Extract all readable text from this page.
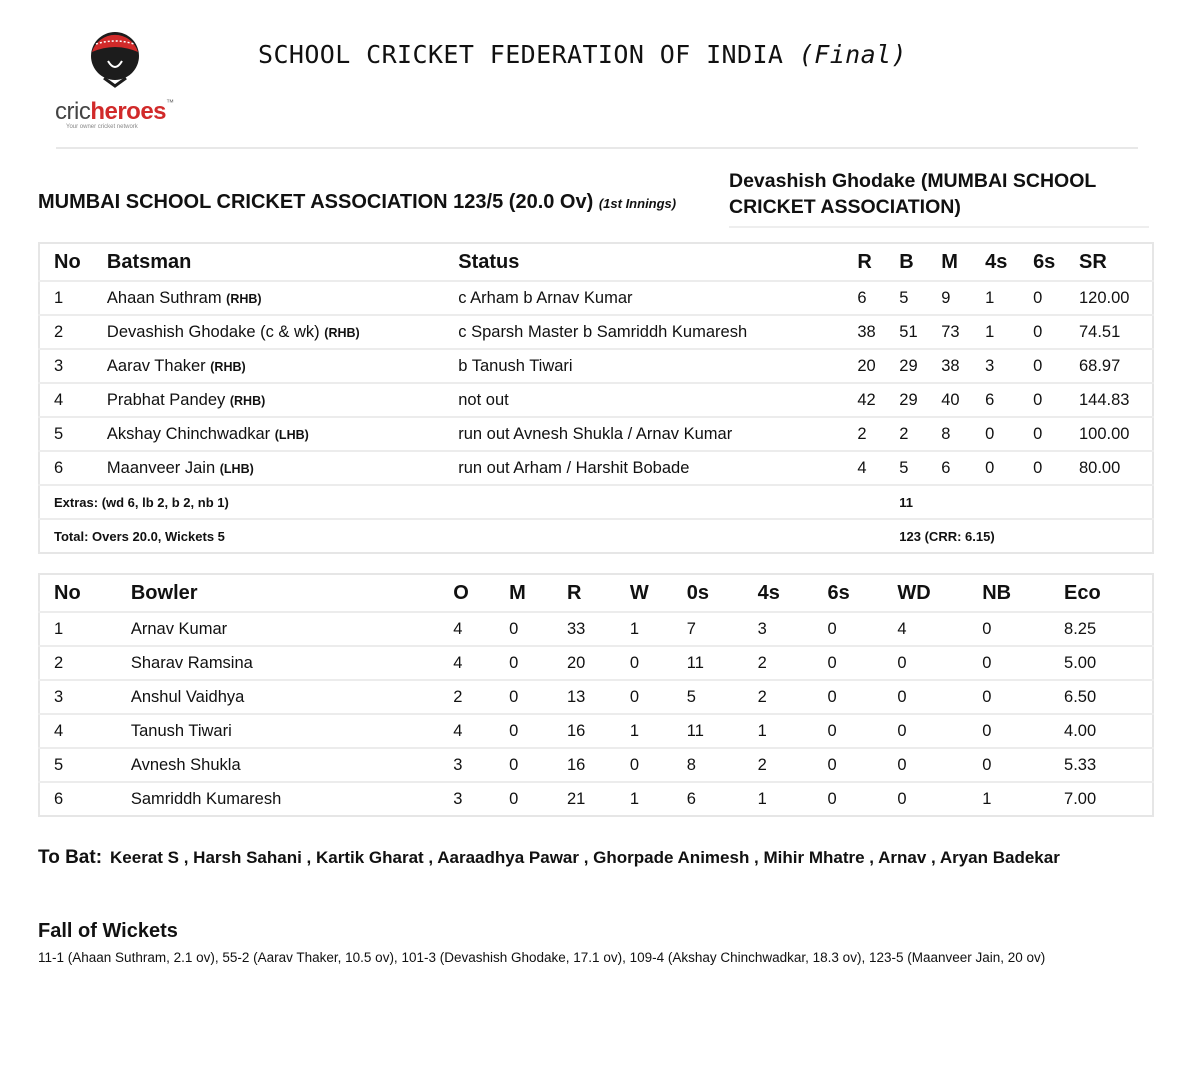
cricheroes™
Your owner cricket network
SCHOOL CRICKET FEDERATION OF INDIA (Final)
MUMBAI SCHOOL CRICKET ASSOCIATION 123/5 (20.0 Ov) (1st Innings)
Devashish Ghodake (MUMBAI SCHOOL CRICKET ASSOCIATION)
No	Batsman	Status	R	B	M	4s	6s	SR
1	Ahaan Suthram (RHB)	c Arham b Arnav Kumar	6	5	9	1	0	120.00
2	Devashish Ghodake (c & wk) (RHB)	c Sparsh Master b Samriddh Kumaresh	38	51	73	1	0	74.51
3	Aarav Thaker (RHB)	b Tanush Tiwari	20	29	38	3	0	68.97
4	Prabhat Pandey (RHB)	not out	42	29	40	6	0	144.83
5	Akshay Chinchwadkar (LHB)	run out Avnesh Shukla / Arnav Kumar	2	2	8	0	0	100.00
6	Maanveer Jain (LHB)	run out Arham / Harshit Bobade	4	5	6	0	0	80.00
Extras: (wd 6, lb 2, b 2, nb 1)				11				
Total: Overs 20.0, Wickets 5				123 (CRR: 6.15)				
No	Bowler	O	M	R	W	0s	4s	6s	WD	NB	Eco
1	Arnav Kumar	4	0	33	1	7	3	0	4	0	8.25
2	Sharav Ramsina	4	0	20	0	11	2	0	0	0	5.00
3	Anshul Vaidhya	2	0	13	0	5	2	0	0	0	6.50
4	Tanush Tiwari	4	0	16	1	11	1	0	0	0	4.00
5	Avnesh Shukla	3	0	16	0	8	2	0	0	0	5.33
6	Samriddh Kumaresh	3	0	21	1	6	1	0	0	1	7.00
To Bat: Keerat S , Harsh Sahani , Kartik Gharat , Aaraadhya Pawar , Ghorpade Animesh , Mihir Mhatre , Arnav , Aryan Badekar
Fall of Wickets
11-1 (Ahaan Suthram, 2.1 ov), 55-2 (Aarav Thaker, 10.5 ov), 101-3 (Devashish Ghodake, 17.1 ov), 109-4 (Akshay Chinchwadkar, 18.3 ov), 123-5 (Maanveer Jain, 20 ov)
